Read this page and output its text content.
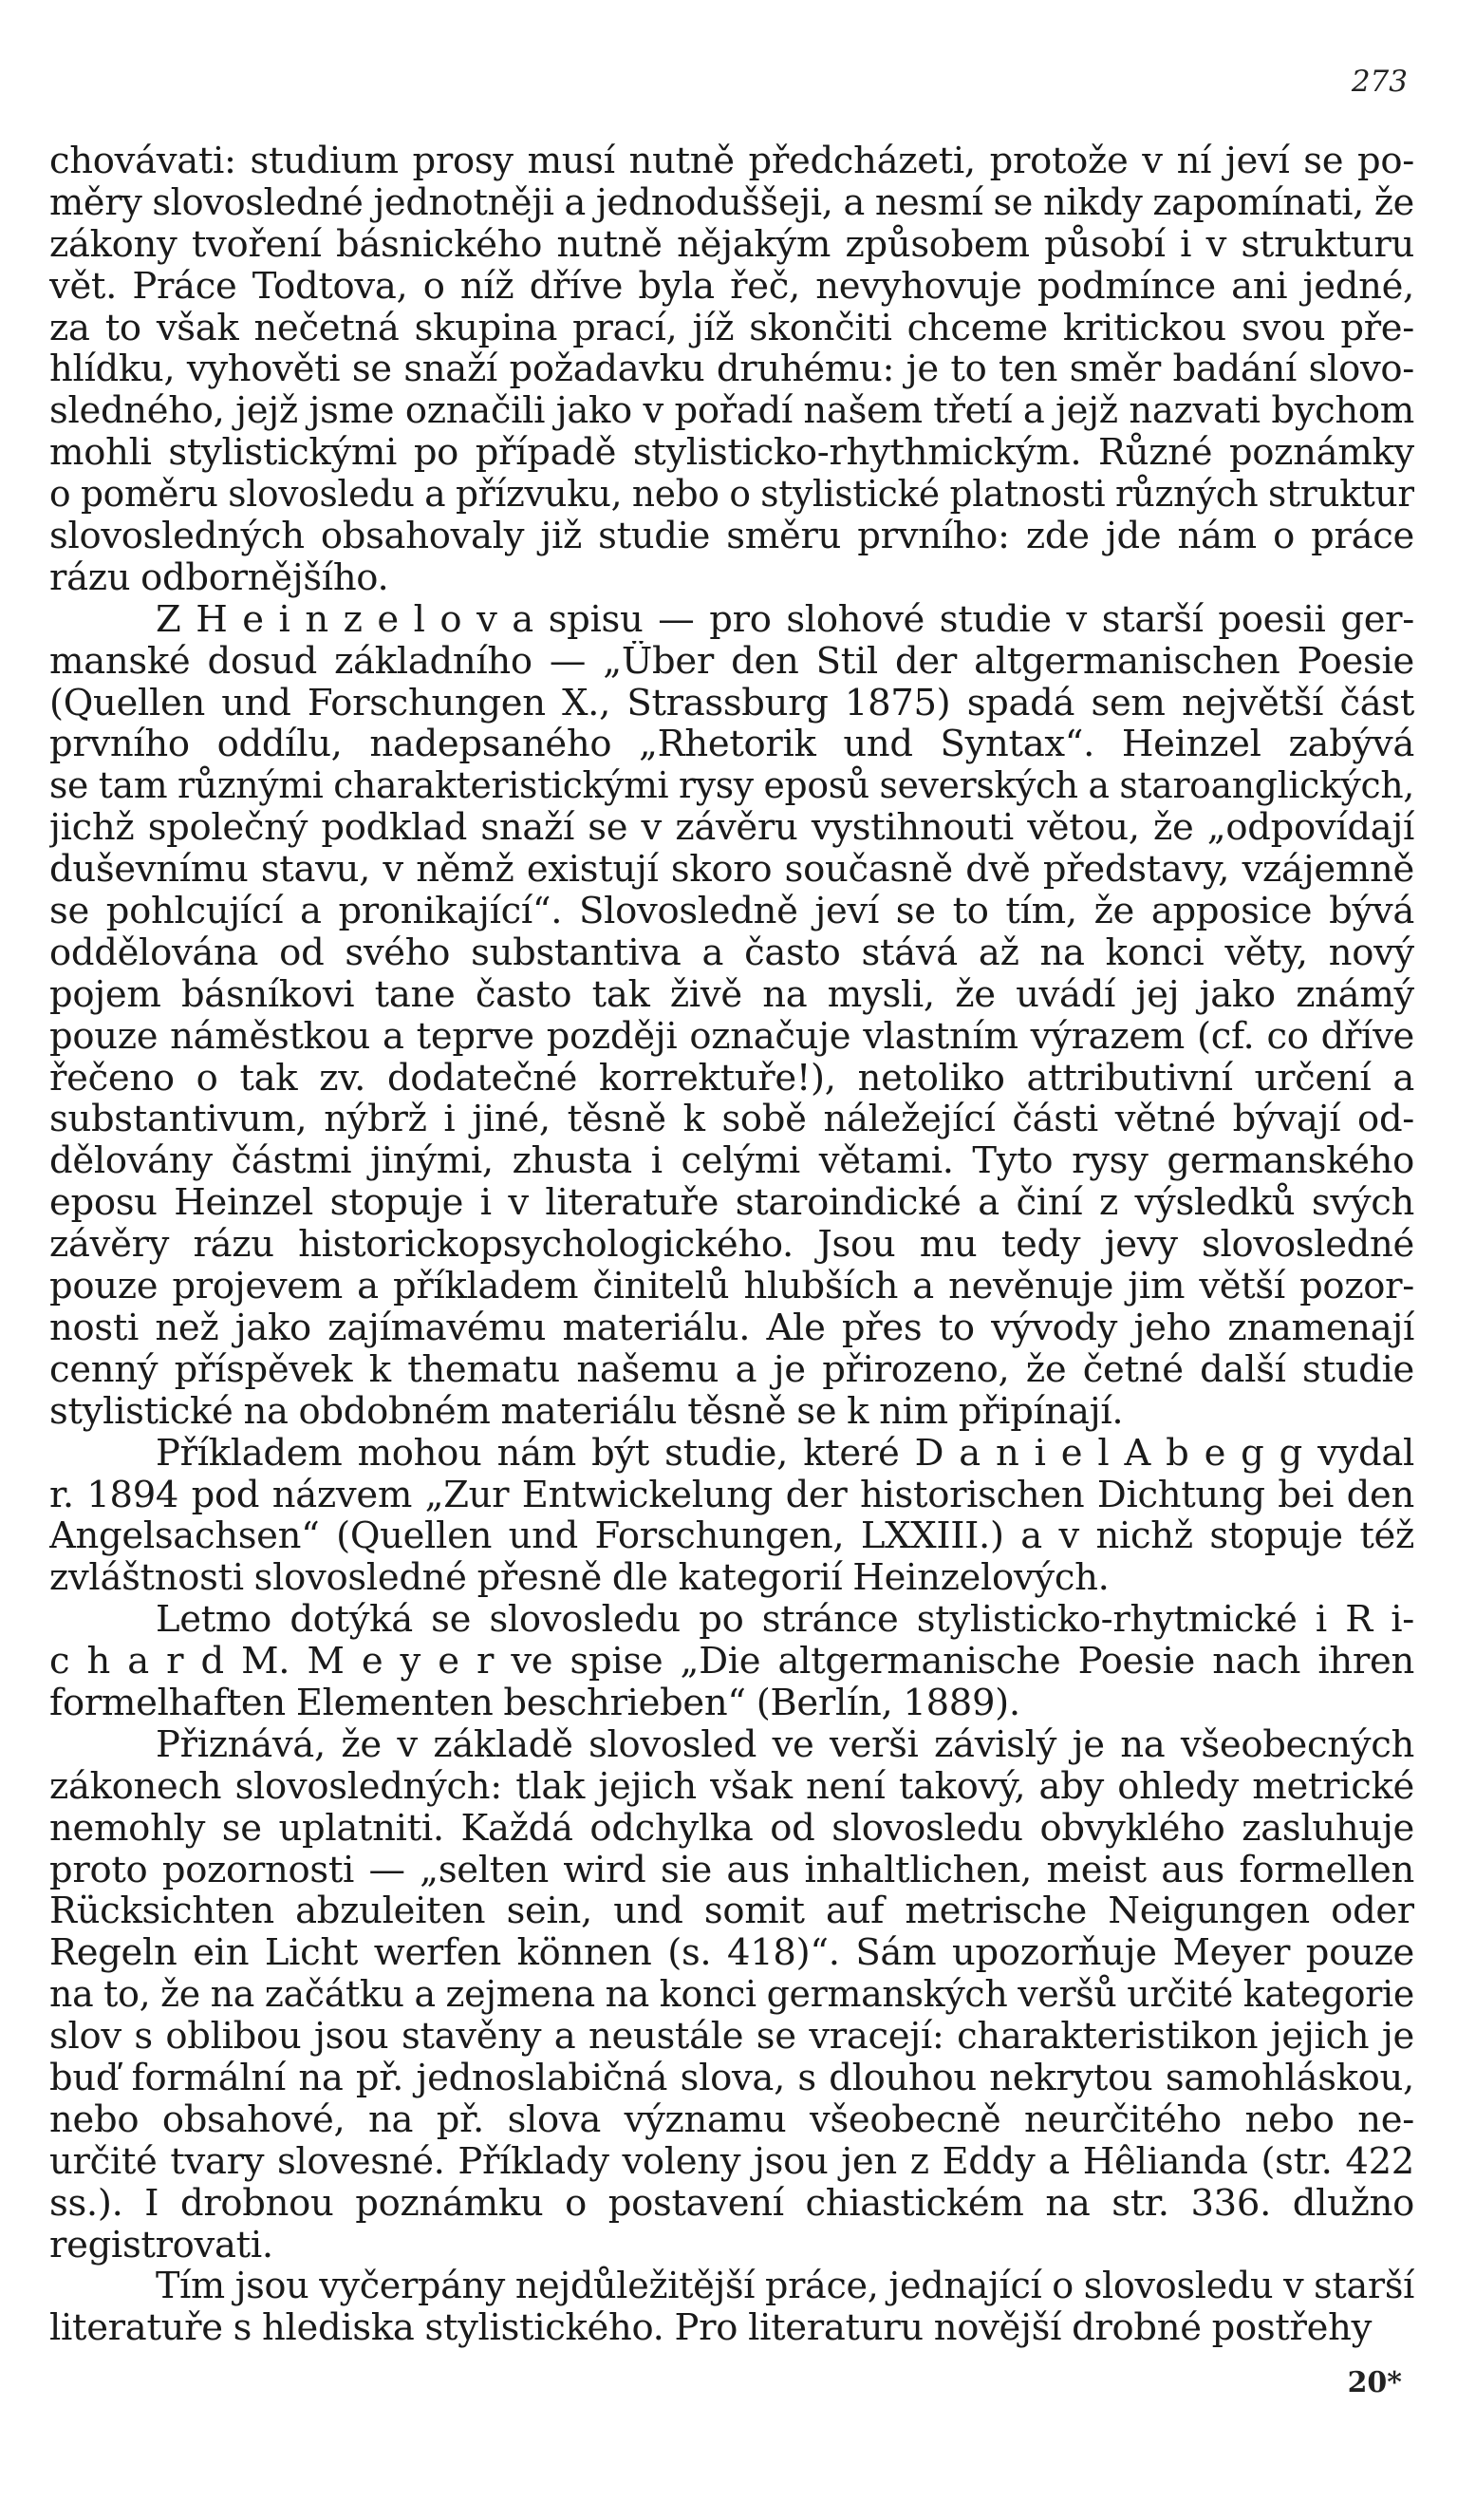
273
chovávati: studium prosy musí nutně předcházeti, protože v ní jeví se po-
měry slovosledné jednotněji a jednoduššeji, a nesmí se nikdy zapomínati, že
zákony tvoření básnického nutně nějakým způsobem působí i v strukturu
vět. Práce Todtova, o níž dříve byla řeč, nevyhovuje podmínce ani jedné,
za to však nečetná skupina prací, jíž skončiti chceme kritickou svou pře-
hlídku, vyhověti se snaží požadavku druhému: je to ten směr badání slovo-
sledného, jejž jsme označili jako v pořadí našem třetí a jejž nazvati bychom
mohli stylistickými po případě stylisticko-rhythmickým. Různé poznámky
o poměru slovosledu a přízvuku, nebo o stylistické platnosti různých struktur
slovosledných obsahovaly již studie směru prvního: zde jde nám o práce
rázu odbornějšího.
Z H e i n z e l o v a spisu — pro slohové studie v starší poesii ger-
manské dosud základního — „Über den Stil der altgermanischen Poesie
(Quellen und Forschungen X., Strassburg 1875) spadá sem největší část
prvního oddílu, nadepsaného „Rhetorik und Syntax“. Heinzel zabývá
se tam různými charakteristickými rysy eposů severských a staroanglických,
jichž společný podklad snaží se v závěru vystihnouti větou, že „odpovídají
duševnímu stavu, v němž existují skoro současně dvě představy, vzájemně
se pohlcující a pronikající“. Slovosledně jeví se to tím, že apposice bývá
oddělována od svého substantiva a často stává až na konci věty, nový
pojem básníkovi tane často tak živě na mysli, že uvádí jej jako známý
pouze náměstkou a teprve později označuje vlastním výrazem (cf. co dříve
řečeno o tak zv. dodatečné korrektuře!), netoliko attributivní určení a
substantivum, nýbrž i jiné, těsně k sobě náležející části větné bývají od-
dělovány částmi jinými, zhusta i celými větami. Tyto rysy germanského
eposu Heinzel stopuje i v literatuře staroindické a činí z výsledků svých
závěry rázu historickopsychologického. Jsou mu tedy jevy slovosledné
pouze projevem a příkladem činitelů hlubších a nevěnuje jim větší pozor-
nosti než jako zajímavému materiálu. Ale přes to vývody jeho znamenají
cenný příspěvek k thematu našemu a je přirozeno, že četné další studie
stylistické na obdobném materiálu těsně se k nim připínají.
Příkladem mohou nám být studie, které D a n i e l A b e g g vydal
r. 1894 pod názvem „Zur Entwickelung der historischen Dichtung bei den
Angelsachsen“ (Quellen und Forschungen, LXXIII.) a v nichž stopuje též
zvláštnosti slovosledné přesně dle kategorií Heinzelových.
Letmo dotýká se slovosledu po stránce stylisticko-rhytmické i R i-
c h a r d M. M e y e r ve spise „Die altgermanische Poesie nach ihren
formelhaften Elementen beschrieben“ (Berlín, 1889).
Přiznává, že v základě slovosled ve verši závislý je na všeobecných
zákonech slovosledných: tlak jejich však není takový, aby ohledy metrické
nemohly se uplatniti. Každá odchylka od slovosledu obvyklého zasluhuje
proto pozornosti — „selten wird sie aus inhaltlichen, meist aus formellen
Rücksichten abzuleiten sein, und somit auf metrische Neigungen oder
Regeln ein Licht werfen können (s. 418)“. Sám upozorňuje Meyer pouze
na to, že na začátku a zejmena na konci germanských veršů určité kategorie
slov s oblibou jsou stavěny a neustále se vracejí: charakteristikon jejich je
buď formální na př. jednoslabičná slova, s dlouhou nekrytou samohláskou,
nebo obsahové, na př. slova významu všeobecně neurčitého nebo ne-
určité tvary slovesné. Příklady voleny jsou jen z Eddy a Hêlianda (str. 422
ss.). I drobnou poznámku o postavení chiastickém na str. 336. dlužno
registrovati.
Tím jsou vyčerpány nejdůležitější práce, jednající o slovosledu v starší
literatuře s hlediska stylistického. Pro literaturu novější drobné postřehy
20*
